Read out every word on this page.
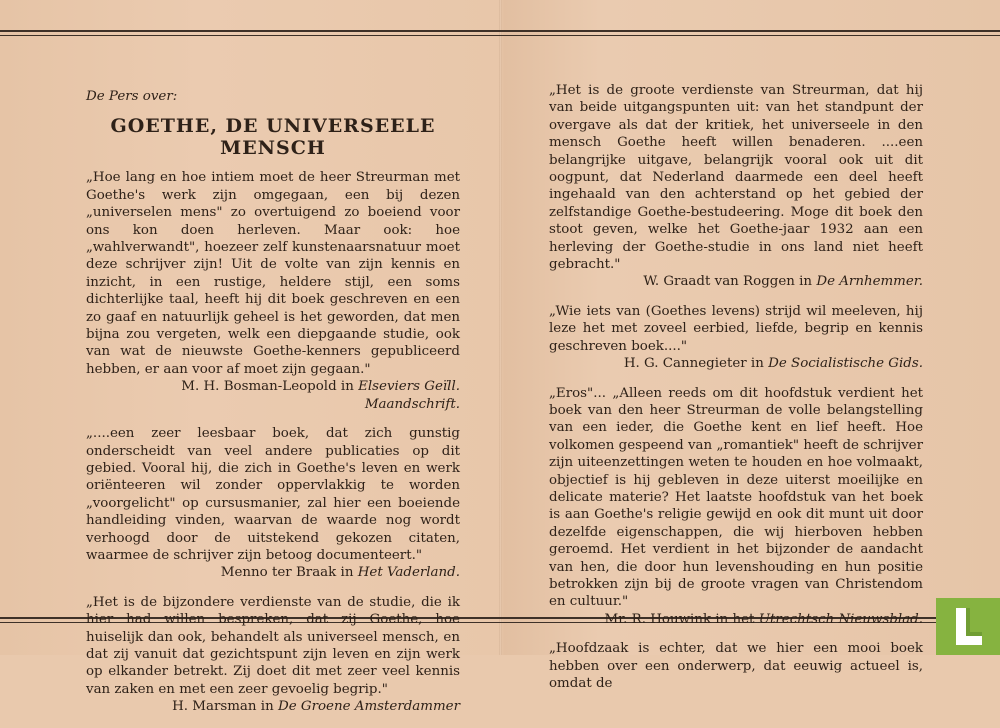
De Pers over:

GOETHE, DE UNIVERSEELE MENSCH

„Hoe lang en hoe intiem moet de heer Streurman met Goethe's werk zijn omgegaan, een bij dezen „universelen mens" zo overtuigend zo boeiend voor ons kon doen herleven. Maar ook: hoe „wahlverwandt", hoezeer zelf kunstenaarsnatuur moet deze schrijver zijn! Uit de volte van zijn kennis en inzicht, in een rustige, heldere stijl, een soms dichterlijke taal, heeft hij dit boek geschreven en een zo gaaf en natuurlijk geheel is het geworden, dat men bijna zou vergeten, welk een diepgaande studie, ook van wat de nieuwste Goethe-kenners gepubliceerd hebben, er aan voor af moet zijn gegaan."

M. H. Bosman-Leopold in Elseviers Geïll. Maandschrift.

„....een zeer leesbaar boek, dat zich gunstig onderscheidt van veel andere publicaties op dit gebied. Vooral hij, die zich in Goethe's leven en werk oriënteeren wil zonder oppervlakkig te worden „voorgelicht" op cursusmanier, zal hier een boeiende handleiding vinden, waarvan de waarde nog wordt verhoogd door de uitstekend gekozen citaten, waarmee de schrijver zijn betoog documenteert."

Menno ter Braak in Het Vaderland.

„Het is de bijzondere verdienste van de studie, die ik hier had willen bespreken, dat zij Goethe, hoe huiselijk dan ook, behandelt als universeel mensch, en dat zij vanuit dat gezichtspunt zijn leven en zijn werk op elkander betrekt. Zij doet dit met zeer veel kennis van zaken en met een zeer gevoelig begrip."

H. Marsman in De Groene Amsterdammer

„Het is de groote verdienste van Streurman, dat hij van beide uitgangspunten uit: van het standpunt der overgave als dat der kritiek, het universeele in den mensch Goethe heeft willen benaderen. ....een belangrijke uitgave, belangrijk vooral ook uit dit oogpunt, dat Nederland daarmede een deel heeft ingehaald van den achterstand op het gebied der zelfstandige Goethe-bestudeering. Moge dit boek den stoot geven, welke het Goethe-jaar 1932 aan een herleving der Goethe-studie in ons land niet heeft gebracht."

W. Graadt van Roggen in De Arnhemmer.

„Wie iets van (Goethes levens) strijd wil meeleven, hij leze het met zoveel eerbied, liefde, begrip en kennis geschreven boek...."

H. G. Cannegieter in De Socialistische Gids.

„Eros"... „Alleen reeds om dit hoofdstuk verdient het boek van den heer Streurman de volle belangstelling van een ieder, die Goethe kent en lief heeft. Hoe volkomen gespeend van „romantiek" heeft de schrijver zijn uiteenzettingen weten te houden en hoe volmaakt, objectief is hij gebleven in deze uiterst moeilijke en delicate materie? Het laatste hoofdstuk van het boek is aan Goethe's religie gewijd en ook dit munt uit door dezelfde eigenschappen, die wij hierboven hebben geroemd. Het verdient in het bijzonder de aandacht van hen, die door hun levenshouding en hun positie betrokken zijn bij de groote vragen van Christendom en cultuur."

Mr. R. Houwink in het Utrechtsch Nieuwsblad.

„Hoofdzaak is echter, dat we hier een mooi boek hebben over een onderwerp, dat eeuwig actueel is, omdat de
